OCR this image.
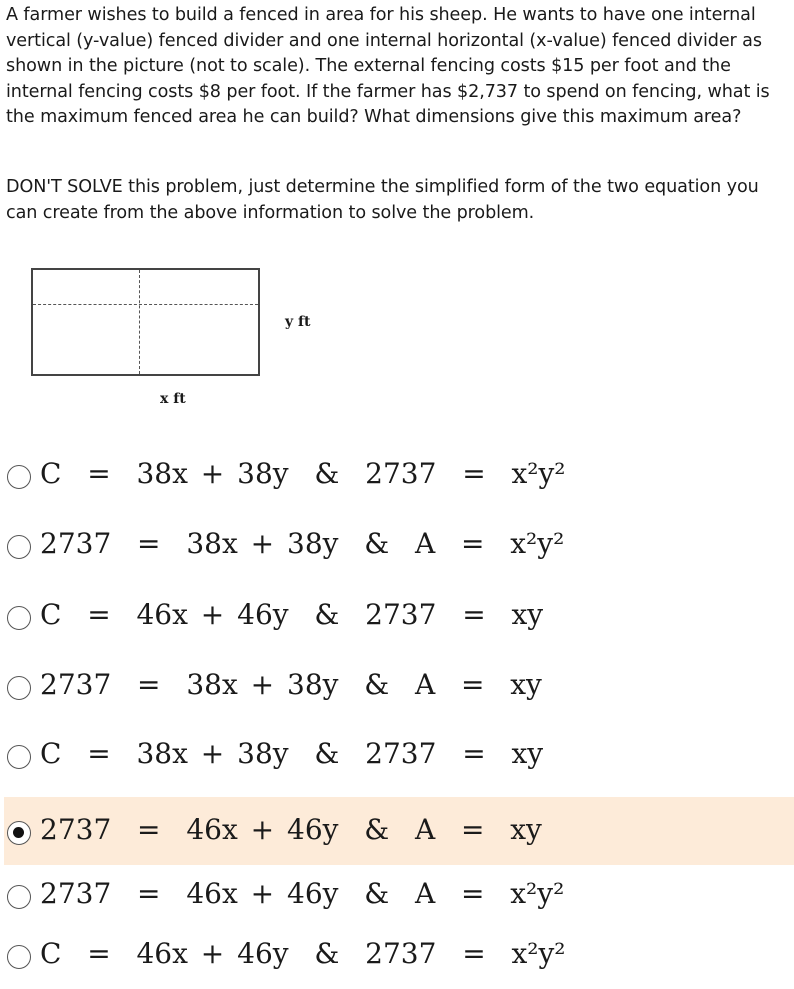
A farmer wishes to build a fenced in area for his sheep. He wants to have one internal vertical (y-value) fenced divider and one internal horizontal (x-value) fenced divider as shown in the picture (not to scale). The external fencing costs $15 per foot and the internal fencing costs $8 per foot. If the farmer has $2,737 to spend on fencing, what is the maximum fenced area he can build? What dimensions give this maximum area?

DON'T SOLVE this problem, just determine the simplified form of the two equation you can create from the above information to solve the problem.

y ft
x ft
C  =  38x + 38y  &  2737  =  x²y²
2737  =  38x + 38y  &  A  =  x²y²
C  =  46x + 46y  &  2737  =  xy
2737  =  38x + 38y  &  A  =  xy
C  =  38x + 38y  &  2737  =  xy
2737  =  46x + 46y  &  A  =  xy
2737  =  46x + 46y  &  A  =  x²y²
C  =  46x + 46y  &  2737  =  x²y²
